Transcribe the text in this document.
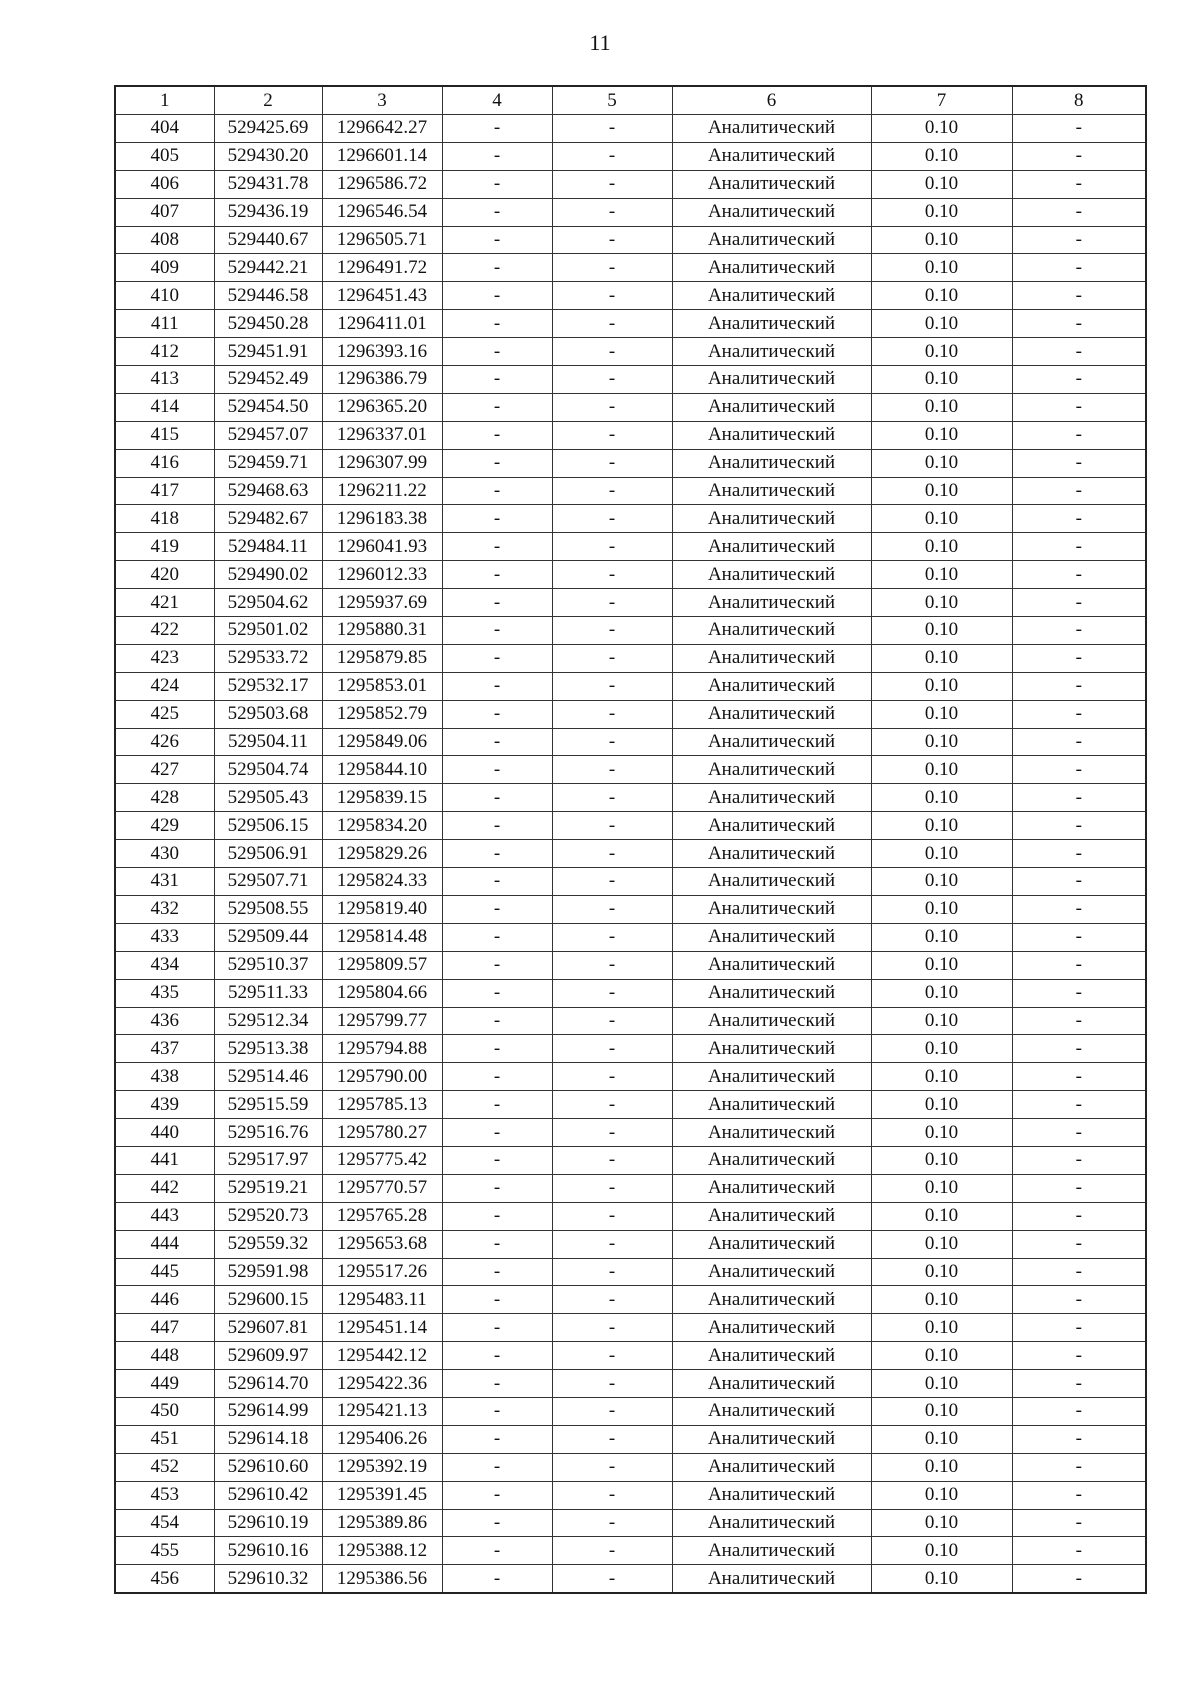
11
1	2	3	4	5	6	7	8
404	529425.69	1296642.27	-	-	Аналитический	0.10	-
405	529430.20	1296601.14	-	-	Аналитический	0.10	-
406	529431.78	1296586.72	-	-	Аналитический	0.10	-
407	529436.19	1296546.54	-	-	Аналитический	0.10	-
408	529440.67	1296505.71	-	-	Аналитический	0.10	-
409	529442.21	1296491.72	-	-	Аналитический	0.10	-
410	529446.58	1296451.43	-	-	Аналитический	0.10	-
411	529450.28	1296411.01	-	-	Аналитический	0.10	-
412	529451.91	1296393.16	-	-	Аналитический	0.10	-
413	529452.49	1296386.79	-	-	Аналитический	0.10	-
414	529454.50	1296365.20	-	-	Аналитический	0.10	-
415	529457.07	1296337.01	-	-	Аналитический	0.10	-
416	529459.71	1296307.99	-	-	Аналитический	0.10	-
417	529468.63	1296211.22	-	-	Аналитический	0.10	-
418	529482.67	1296183.38	-	-	Аналитический	0.10	-
419	529484.11	1296041.93	-	-	Аналитический	0.10	-
420	529490.02	1296012.33	-	-	Аналитический	0.10	-
421	529504.62	1295937.69	-	-	Аналитический	0.10	-
422	529501.02	1295880.31	-	-	Аналитический	0.10	-
423	529533.72	1295879.85	-	-	Аналитический	0.10	-
424	529532.17	1295853.01	-	-	Аналитический	0.10	-
425	529503.68	1295852.79	-	-	Аналитический	0.10	-
426	529504.11	1295849.06	-	-	Аналитический	0.10	-
427	529504.74	1295844.10	-	-	Аналитический	0.10	-
428	529505.43	1295839.15	-	-	Аналитический	0.10	-
429	529506.15	1295834.20	-	-	Аналитический	0.10	-
430	529506.91	1295829.26	-	-	Аналитический	0.10	-
431	529507.71	1295824.33	-	-	Аналитический	0.10	-
432	529508.55	1295819.40	-	-	Аналитический	0.10	-
433	529509.44	1295814.48	-	-	Аналитический	0.10	-
434	529510.37	1295809.57	-	-	Аналитический	0.10	-
435	529511.33	1295804.66	-	-	Аналитический	0.10	-
436	529512.34	1295799.77	-	-	Аналитический	0.10	-
437	529513.38	1295794.88	-	-	Аналитический	0.10	-
438	529514.46	1295790.00	-	-	Аналитический	0.10	-
439	529515.59	1295785.13	-	-	Аналитический	0.10	-
440	529516.76	1295780.27	-	-	Аналитический	0.10	-
441	529517.97	1295775.42	-	-	Аналитический	0.10	-
442	529519.21	1295770.57	-	-	Аналитический	0.10	-
443	529520.73	1295765.28	-	-	Аналитический	0.10	-
444	529559.32	1295653.68	-	-	Аналитический	0.10	-
445	529591.98	1295517.26	-	-	Аналитический	0.10	-
446	529600.15	1295483.11	-	-	Аналитический	0.10	-
447	529607.81	1295451.14	-	-	Аналитический	0.10	-
448	529609.97	1295442.12	-	-	Аналитический	0.10	-
449	529614.70	1295422.36	-	-	Аналитический	0.10	-
450	529614.99	1295421.13	-	-	Аналитический	0.10	-
451	529614.18	1295406.26	-	-	Аналитический	0.10	-
452	529610.60	1295392.19	-	-	Аналитический	0.10	-
453	529610.42	1295391.45	-	-	Аналитический	0.10	-
454	529610.19	1295389.86	-	-	Аналитический	0.10	-
455	529610.16	1295388.12	-	-	Аналитический	0.10	-
456	529610.32	1295386.56	-	-	Аналитический	0.10	-
